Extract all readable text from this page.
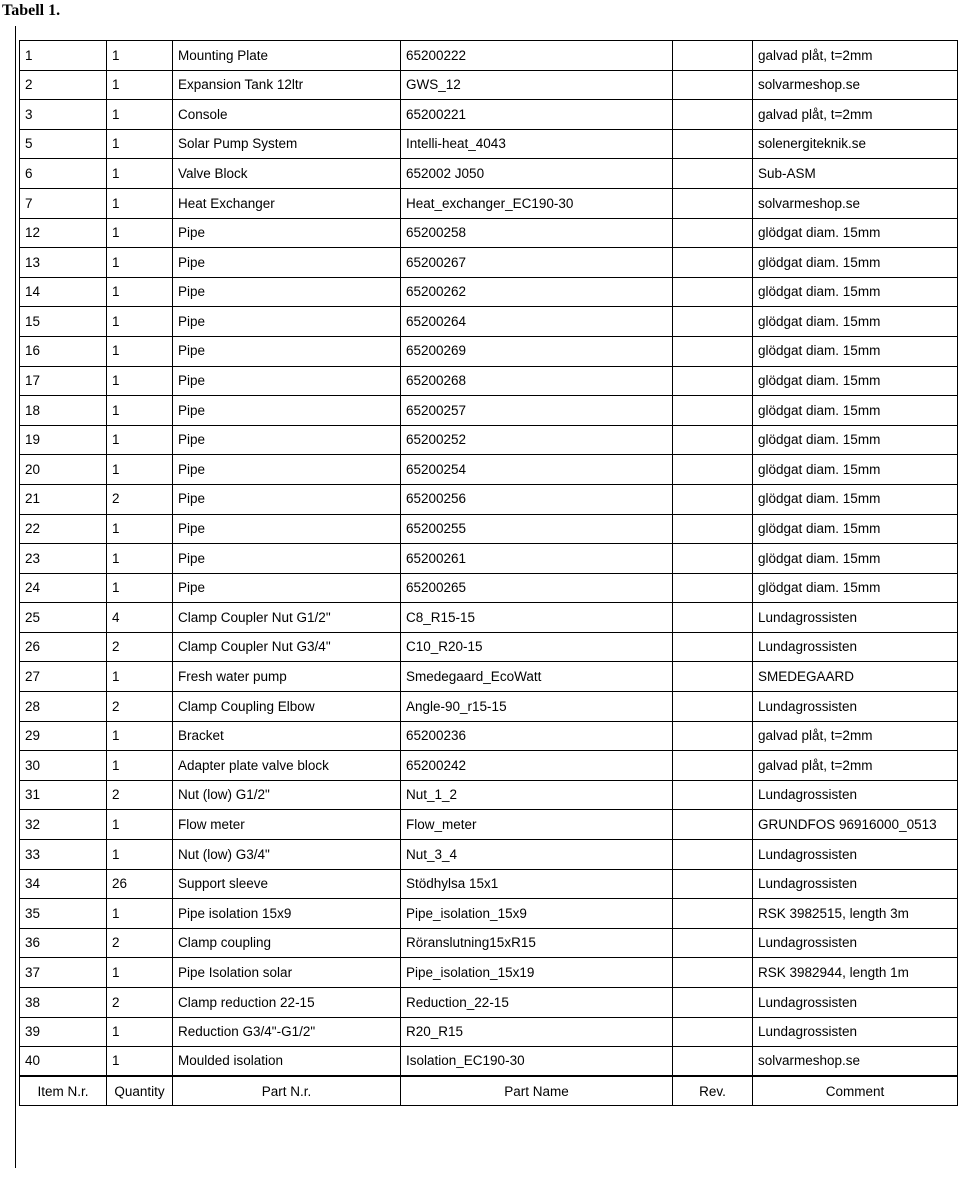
Tabell 1.
1	1	Mounting Plate	65200222		galvad plåt, t=2mm
2	1	Expansion Tank 12ltr	GWS_12		solvarmeshop.se
3	1	Console	65200221		galvad plåt, t=2mm
5	1	Solar Pump System	Intelli-heat_4043		solenergiteknik.se
6	1	Valve Block	652002 J050		Sub-ASM
7	1	Heat Exchanger	Heat_exchanger_EC190-30		solvarmeshop.se
12	1	Pipe	65200258		glödgat diam. 15mm
13	1	Pipe	65200267		glödgat diam. 15mm
14	1	Pipe	65200262		glödgat diam. 15mm
15	1	Pipe	65200264		glödgat diam. 15mm
16	1	Pipe	65200269		glödgat diam. 15mm
17	1	Pipe	65200268		glödgat diam. 15mm
18	1	Pipe	65200257		glödgat diam. 15mm
19	1	Pipe	65200252		glödgat diam. 15mm
20	1	Pipe	65200254		glödgat diam. 15mm
21	2	Pipe	65200256		glödgat diam. 15mm
22	1	Pipe	65200255		glödgat diam. 15mm
23	1	Pipe	65200261		glödgat diam. 15mm
24	1	Pipe	65200265		glödgat diam. 15mm
25	4	Clamp Coupler Nut G1/2"	C8_R15-15		Lundagrossisten
26	2	Clamp Coupler Nut G3/4"	C10_R20-15		Lundagrossisten
27	1	Fresh water pump	Smedegaard_EcoWatt		SMEDEGAARD
28	2	Clamp Coupling Elbow	Angle-90_r15-15		Lundagrossisten
29	1	Bracket	65200236		galvad plåt, t=2mm
30	1	Adapter plate valve block	65200242		galvad plåt, t=2mm
31	2	Nut (low) G1/2"	Nut_1_2		Lundagrossisten
32	1	Flow meter	Flow_meter		GRUNDFOS 96916000_0513
33	1	Nut (low) G3/4"	Nut_3_4		Lundagrossisten
34	26	Support sleeve	Stödhylsa 15x1		Lundagrossisten
35	1	Pipe isolation 15x9	Pipe_isolation_15x9		RSK 3982515, length 3m
36	2	Clamp coupling	Röranslutning15xR15		Lundagrossisten
37	1	Pipe Isolation solar	Pipe_isolation_15x19		RSK 3982944, length 1m
38	2	Clamp reduction 22-15	Reduction_22-15		Lundagrossisten
39	1	Reduction G3/4"-G1/2"	R20_R15		Lundagrossisten
40	1	Moulded isolation	Isolation_EC190-30		solvarmeshop.se
Item N.r.	Quantity	Part N.r.	Part Name	Rev.	Comment
